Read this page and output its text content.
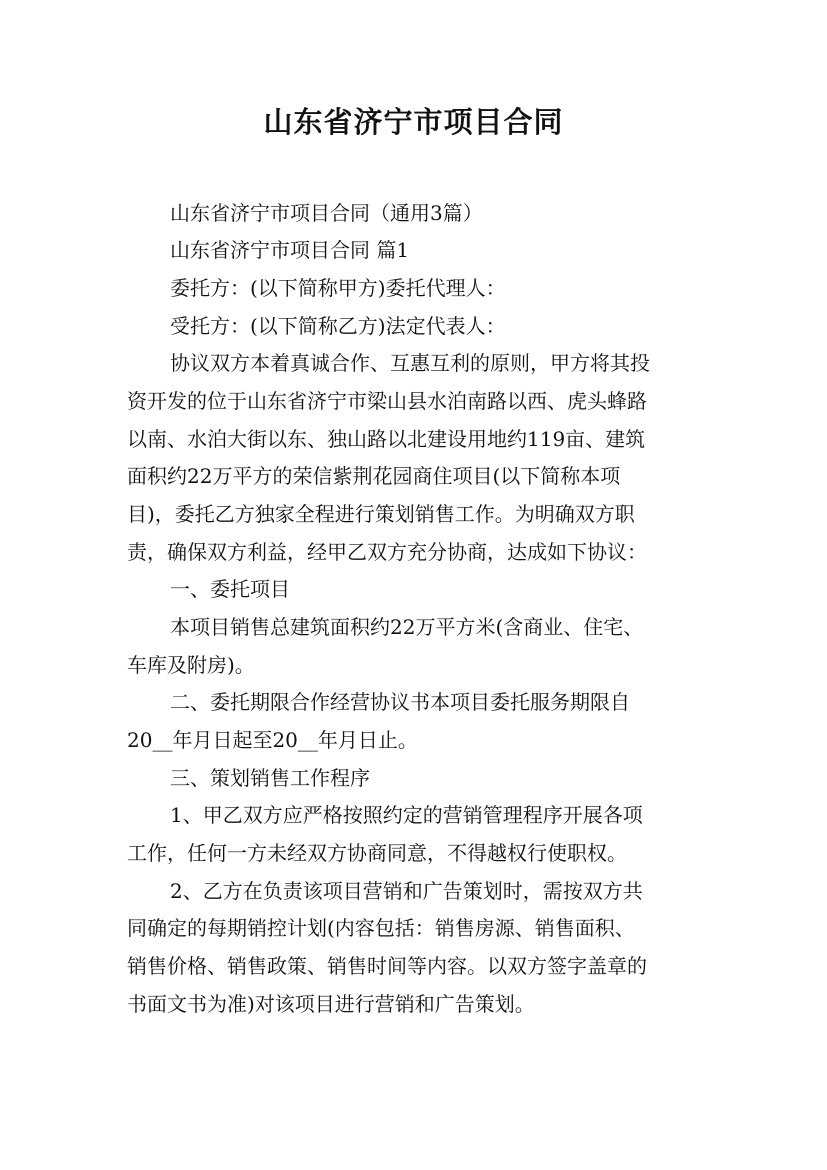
山东省济宁市项目合同
山东省济宁市项目合同（通用3篇）
山东省济宁市项目合同 篇1
委托方：(以下简称甲方)委托代理人：
受托方：(以下简称乙方)法定代表人：
协议双方本着真诚合作、互惠互利的原则，甲方将其投
资开发的位于山东省济宁市梁山县水泊南路以西、虎头蜂路
以南、水泊大街以东、独山路以北建设用地约119亩、建筑
面积约22万平方的荣信紫荆花园商住项目(以下简称本项
目)，委托乙方独家全程进行策划销售工作。为明确双方职
责，确保双方利益，经甲乙双方充分协商，达成如下协议：
一、委托项目
本项目销售总建筑面积约22万平方米(含商业、住宅、
车库及附房)。
二、委托期限合作经营协议书本项目委托服务期限自
20__年月日起至20__年月日止。
三、策划销售工作程序
1、甲乙双方应严格按照约定的营销管理程序开展各项
工作，任何一方未经双方协商同意，不得越权行使职权。
2、乙方在负责该项目营销和广告策划时，需按双方共
同确定的每期销控计划(内容包括：销售房源、销售面积、
销售价格、销售政策、销售时间等内容。以双方签字盖章的
书面文书为准)对该项目进行营销和广告策划。
